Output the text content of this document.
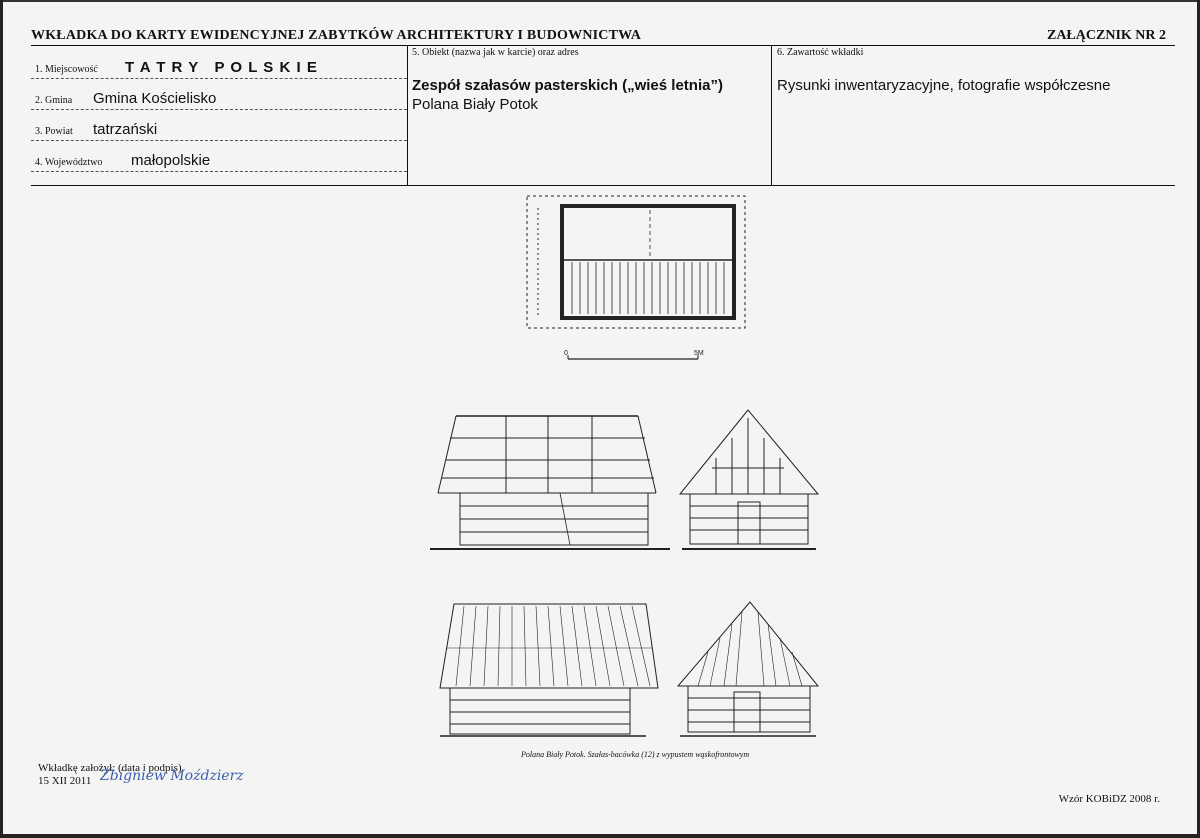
WKŁADKA DO KARTY EWIDENCYJNEJ ZABYTKÓW ARCHITEKTURY I BUDOWNICTWA	ZAŁĄCZNIK NR 2
1. Miejscowość T A T R Y   P O L S K I E
2. Gmina Gmina Kościelisko
3. Powiat tatrzański
4. Województwo małopolskie
5. Obiekt (nazwa jak w karcie) oraz adres
Zespół szałasów pasterskich („wieś letnia”)
Polana Biały Potok
6. Zawartość wkładki
Rysunki inwentaryzacyjne, fotografie współczesne
0	5M
Polana Biały Potok. Szałas-bacówka (12) z wypustem wąskofrontowym
Wkładkę założył: (data i podpis)
15 XII 2011 Zbigniew Moździerz
Wzór KOBiDZ 2008 r.
